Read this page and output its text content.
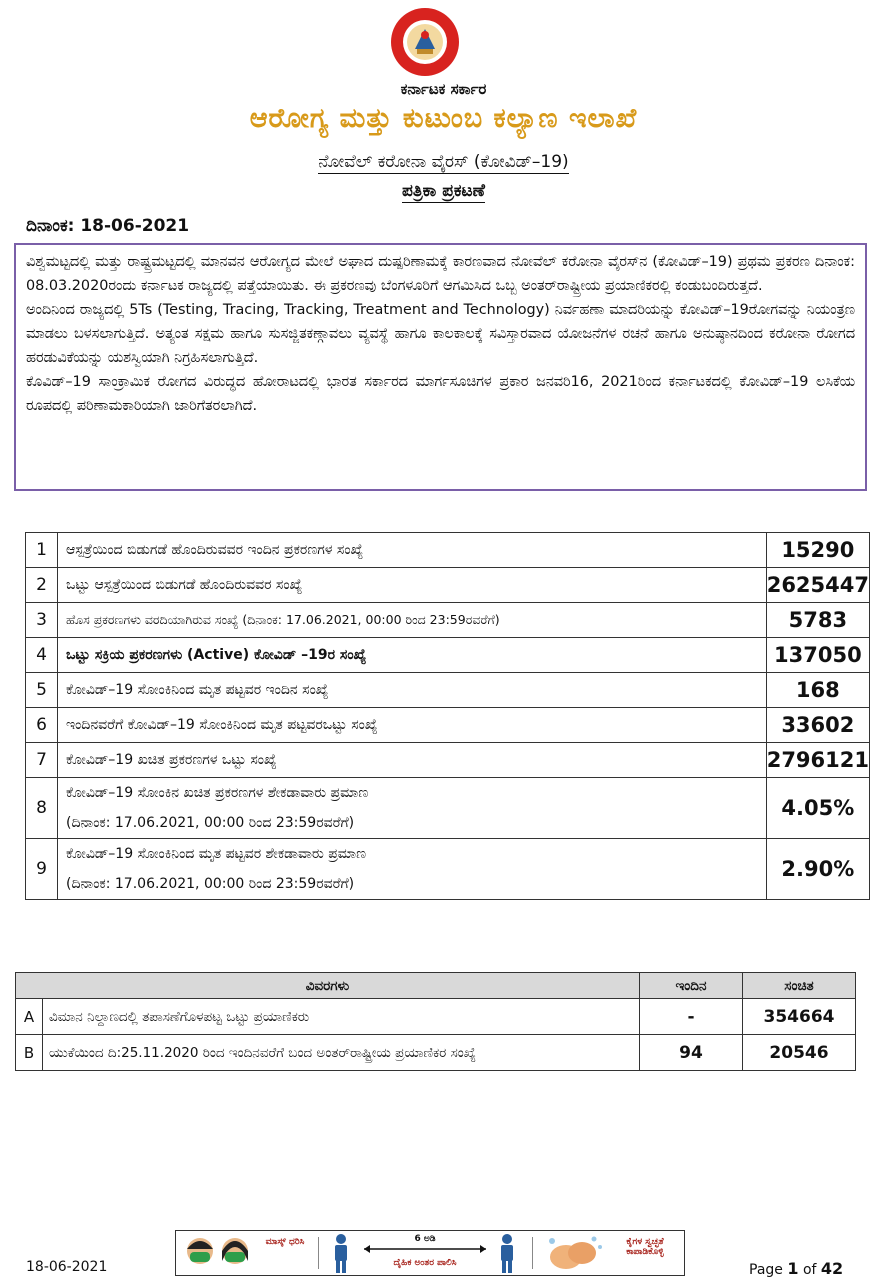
ಕರ್ನಾಟಕ ಸರ್ಕಾರ
ಆರೋಗ್ಯ ಮತ್ತು ಕುಟುಂಬ ಕಲ್ಯಾಣ ಇಲಾಖೆ
ನೋವೆಲ್ ಕರೋನಾ ವೈರಸ್ (ಕೋವಿಡ್–19)
ಪತ್ರಿಕಾ ಪ್ರಕಟಣೆ
ದಿನಾಂಕ: 18-06-2021

ವಿಶ್ವಮಟ್ಟದಲ್ಲಿ ಮತ್ತು ರಾಷ್ಟ್ರಮಟ್ಟದಲ್ಲಿ ಮಾನವನ ಆರೋಗ್ಯದ ಮೇಲೆ ಅಘಾದ ದುಷ್ಪರಿಣಾಮಕ್ಕೆ ಕಾರಣವಾದ ನೋವೆಲ್ ಕರೋನಾ ವೈರಸ್‌ನ (ಕೋವಿಡ್–19) ಪ್ರಥಮ ಪ್ರಕರಣ ದಿನಾಂಕ: 08.03.2020ರಂದು ಕರ್ನಾಟಕ ರಾಜ್ಯದಲ್ಲಿ ಪತ್ತೆಯಾಯಿತು. ಈ ಪ್ರಕರಣವು ಬೆಂಗಳೂರಿಗೆ ಆಗಮಿಸಿದ ಒಬ್ಬ ಅಂತರ್‌ರಾಷ್ಟ್ರೀಯ ಪ್ರಯಾಣಿಕರಲ್ಲಿ ಕಂಡುಬಂದಿರುತ್ತದೆ.

ಅಂದಿನಿಂದ ರಾಜ್ಯದಲ್ಲಿ 5Ts (Testing, Tracing, Tracking, Treatment and Technology) ನಿರ್ವಹಣಾ ಮಾದರಿಯನ್ನು ಕೋವಿಡ್–19ರೋಗವನ್ನು ನಿಯಂತ್ರಣ ಮಾಡಲು ಬಳಸಲಾಗುತ್ತಿದೆ. ಅತ್ಯಂತ ಸಕ್ಷಮ ಹಾಗೂ ಸುಸಜ್ಜಿತಕಣ್ಗಾವಲು ವ್ಯವಸ್ಥೆ ಹಾಗೂ ಕಾಲಕಾಲಕ್ಕೆ ಸವಿಸ್ತಾರವಾದ ಯೋಜನೆಗಳ ರಚನೆ ಹಾಗೂ ಅನುಷ್ಠಾನದಿಂದ ಕರೋನಾ ರೋಗದ ಹರಡುವಿಕೆಯನ್ನು ಯಶಸ್ವಿಯಾಗಿ ನಿಗ್ರಹಿಸಲಾಗುತ್ತಿದೆ.

ಕೊವಿಡ್–19 ಸಾಂಕ್ರಾಮಿಕ ರೋಗದ ವಿರುದ್ಧದ ಹೋರಾಟದಲ್ಲಿ ಭಾರತ ಸರ್ಕಾರದ ಮಾರ್ಗಸೂಚಿಗಳ ಪ್ರಕಾರ ಜನವರಿ16, 2021ರಿಂದ ಕರ್ನಾಟಕದಲ್ಲಿ ಕೋವಿಡ್–19 ಲಸಿಕೆಯ ರೂಪದಲ್ಲಿ ಪರಿಣಾಮಕಾರಿಯಾಗಿ ಜಾರಿಗೆತರಲಾಗಿದೆ.

1	ಆಸ್ಪತ್ರೆಯಿಂದ ಬಿಡುಗಡೆ ಹೊಂದಿರುವವರ ಇಂದಿನ ಪ್ರಕರಣಗಳ ಸಂಖ್ಯೆ	15290
2	ಒಟ್ಟು ಆಸ್ಪತ್ರೆಯಿಂದ ಬಿಡುಗಡೆ ಹೊಂದಿರುವವರ ಸಂಖ್ಯೆ	2625447
3	ಹೊಸ ಪ್ರಕರಣಗಳು ವರದಿಯಾಗಿರುವ ಸಂಖ್ಯೆ (ದಿನಾಂಕ: 17.06.2021, 00:00 ರಿಂದ 23:59ರವರೆಗೆ)	5783
4	ಒಟ್ಟು ಸಕ್ರಿಯ ಪ್ರಕರಣಗಳು (Active) ಕೋವಿಡ್ –19ರ ಸಂಖ್ಯೆ	137050
5	ಕೋವಿಡ್–19 ಸೋಂಕಿನಿಂದ ಮೃತ ಪಟ್ಟವರ ಇಂದಿನ ಸಂಖ್ಯೆ	168
6	ಇಂದಿನವರೆಗೆ ಕೋವಿಡ್–19 ಸೋಂಕಿನಿಂದ ಮೃತ ಪಟ್ಟವರಒಟ್ಟು ಸಂಖ್ಯೆ	33602
7	ಕೋವಿಡ್–19 ಖಚಿತ ಪ್ರಕರಣಗಳ ಒಟ್ಟು ಸಂಖ್ಯೆ	2796121
8	ಕೋವಿಡ್–19 ಸೋಂಕಿನ ಖಚಿತ ಪ್ರಕರಣಗಳ ಶೇಕಡಾವಾರು ಪ್ರಮಾಣ
(ದಿನಾಂಕ: 17.06.2021, 00:00 ರಿಂದ 23:59ರವರೆಗೆ)	4.05%
9	ಕೋವಿಡ್–19 ಸೋಂಕಿನಿಂದ ಮೃತ ಪಟ್ಟವರ ಶೇಕಡಾವಾರು ಪ್ರಮಾಣ
(ದಿನಾಂಕ: 17.06.2021, 00:00 ರಿಂದ 23:59ರವರೆಗೆ)	2.90%
ವಿವರಗಳು		ಇಂದಿನ	ಸಂಚಿತ
A	ವಿಮಾನ ನಿಲ್ದಾಣದಲ್ಲಿ ತಪಾಸಣೆಗೊಳಪಟ್ಟ ಒಟ್ಟು ಪ್ರಯಾಣಿಕರು	-	354664
B	ಯುಕೆಯಿಂದ ದಿ:25.11.2020 ರಿಂದ ಇಂದಿನವರೆಗೆ ಬಂದ ಅಂತರ್‌ರಾಷ್ಟ್ರೀಯ ಪ್ರಯಾಣಿಕರ ಸಂಖ್ಯೆ	94	20546
ಮಾಸ್ಕ್ ಧರಿಸಿ	6 ಅಡಿ
ದೈಹಿಕ ಅಂತರ ಪಾಲಿಸಿ
ಕೈಗಳ ಸ್ವಚ್ಛತೆ ಕಾಪಾಡಿಕೊಳ್ಳಿ
18-06-2021	Page 1 of 42
